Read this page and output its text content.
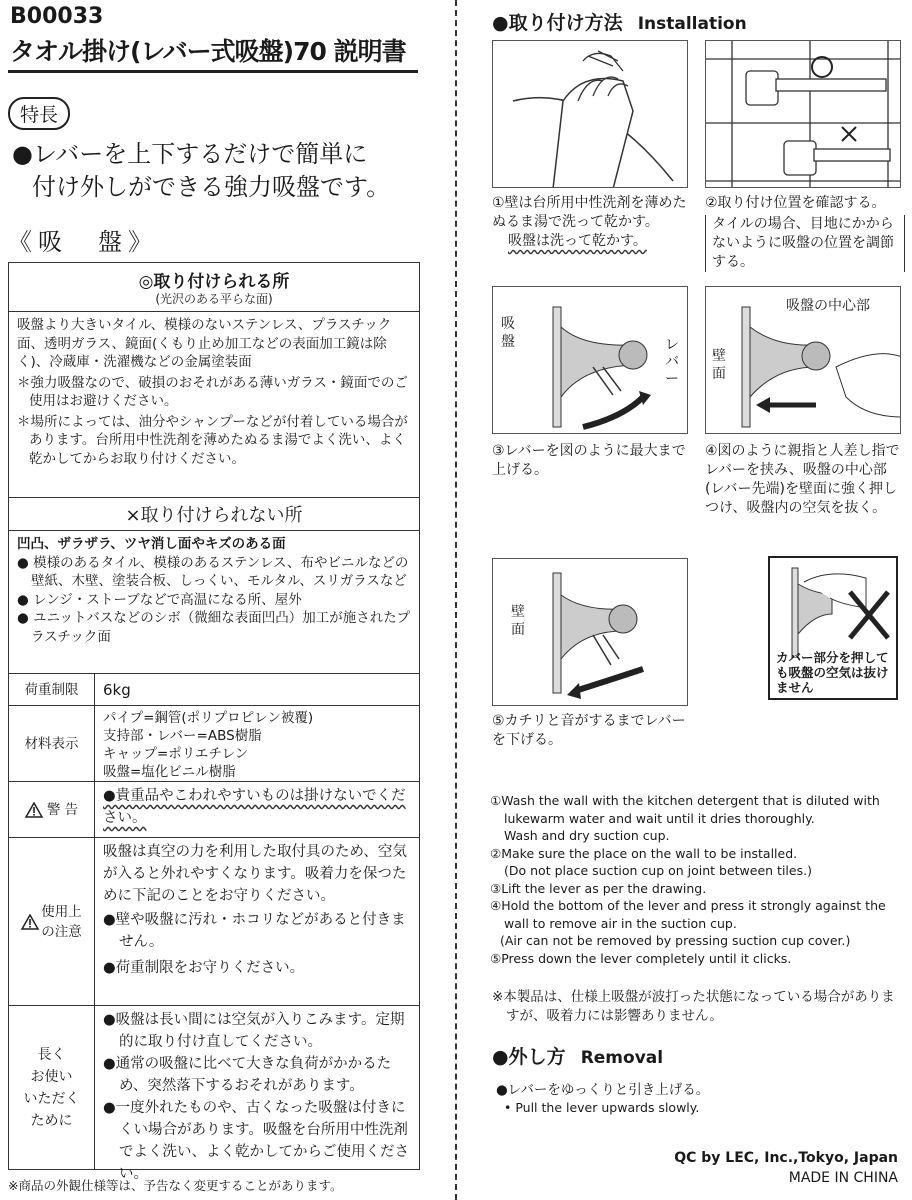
B00033
タオル掛け(レバー式吸盤)70 説明書
特長
●レバーを上下するだけで簡単に
付け外しができる強力吸盤です。
《吸　盤》
◎取り付けられる所
(光沢のある平らな面)
吸盤より大きいタイル、模様のないステンレス、プラスチック面、透明ガラス、鏡面(くもり止め加工などの表面加工鏡は除く)、冷蔵庫・洗濯機などの金属塗装面
＊強力吸盤なので、破損のおそれがある薄いガラス・鏡面でのご使用はお避けください。
＊場所によっては、油分やシャンプーなどが付着している場合があります。台所用中性洗剤を薄めたぬるま湯でよく洗い、よく乾かしてからお取り付けください。
×取り付けられない所
凹凸、ザラザラ、ツヤ消し面やキズのある面
● 模様のあるタイル、模様のあるステンレス、布やビニルなどの壁紙、木壁、塗装合板、しっくい、モルタル、スリガラスなど
● レンジ・ストーブなどで高温になる所、屋外
● ユニットバスなどのシボ（微細な表面凹凸）加工が施されたプラスチック面
荷重制限	6kg
材料表示
パイプ=鋼管(ポリプロピレン被覆)
支持部・レバー=ABS樹脂
キャップ=ポリエチレン
吸盤=塩化ビニル樹脂
警 告
●貴重品やこわれやすいものは掛けないでください。
使用上
の注意
吸盤は真空の力を利用した取付具のため、空気が入ると外れやすくなります。吸着力を保つために下記のことをお守りください。
●壁や吸盤に汚れ・ホコリなどがあると付きません。
●荷重制限をお守りください。
長く
お使い
いただく
ために
●吸盤は長い間には空気が入りこみます。定期的に取り付け直してください。
●通常の吸盤に比べて大きな負荷がかかるため、突然落下するおそれがあります。
●一度外れたものや、古くなった吸盤は付きにくい場合があります。吸盤を台所用中性洗剤でよく洗い、よく乾かしてからご使用ください。
※商品の外観仕様等は、予告なく変更することがあります。
●取り付け方法 Installation
①壁は台所用中性洗剤を薄めたぬるま湯で洗って乾かす。
吸盤は洗って乾かす。
②取り付け位置を確認する。
タイルの場合、目地にかからないように吸盤の位置を調節する。
吸盤	レバー
③レバーを図のように最大まで上げる。
吸盤の中心部
壁面
④図のように親指と人差し指でレバーを挟み、吸盤の中心部(レバー先端)を壁面に強く押しつけ、吸盤内の空気を抜く。
壁面
⑤カチリと音がするまでレバーを下げる。
カバー部分を押しても吸盤の空気は抜けません
①Wash the wall with the kitchen detergent that is diluted with lukewarm water and wait until it dries thoroughly.
Wash and dry suction cup.
②Make sure the place on the wall to be installed.
(Do not place suction cup on joint between tiles.)
③Lift the lever as per the drawing.
④Hold the bottom of the lever and press it strongly against the wall to remove air in the suction cup.
(Air can not be removed by pressing suction cup cover.)
⑤Press down the lever completely until it clicks.
※本製品は、仕様上吸盤が波打った状態になっている場合がありますが、吸着力には影響ありません。
●外し方 Removal
●レバーをゆっくりと引き上げる。
• Pull the lever upwards slowly.
QC by LEC, Inc.,Tokyo, Japan
MADE IN CHINA
